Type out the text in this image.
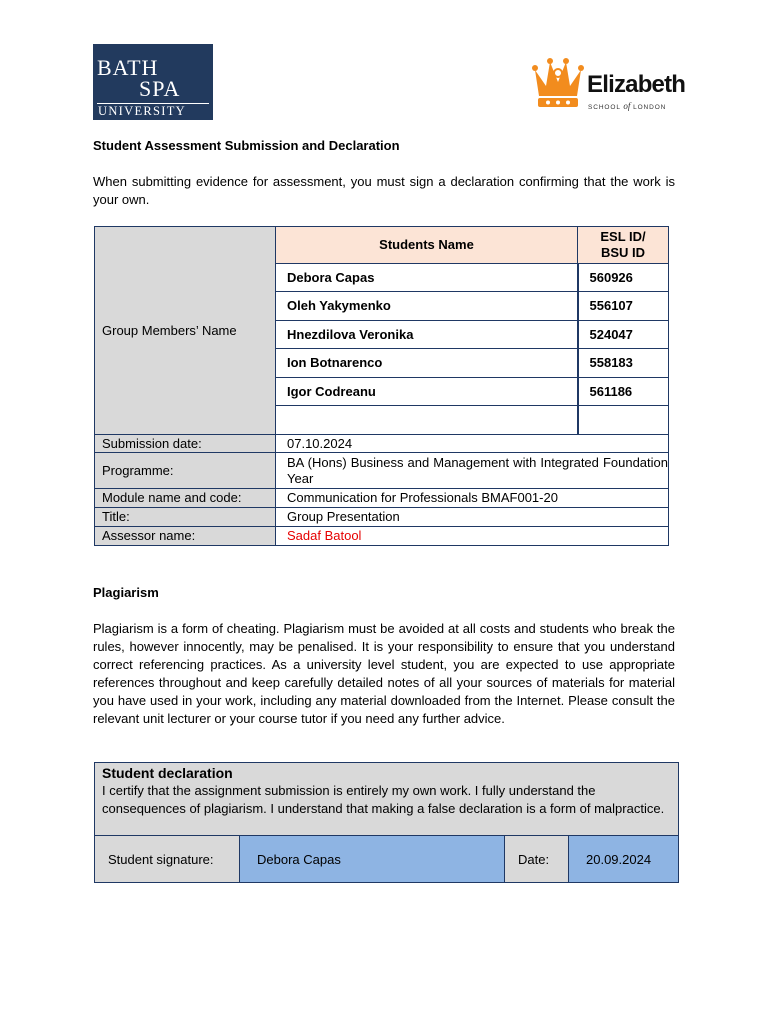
BATH
SPA
UNIVERSITY
Elizabeth
SCHOOL of LONDON
Student Assessment Submission and Declaration
When submitting evidence for assessment, you must sign a declaration confirming that the work is your own.
Group Members’ Name	Students Name	ESL ID/
BSU ID

	Debora Capas	560926
	Oleh Yakymenko	556107
	Hnezdilova Veronika	524047
	Ion Botnarenco	558183
	Igor Codreanu	561186

Submission date:	07.10.2024	
Programme:	BA (Hons) Business and Management with Integrated Foundation Year	
Module name and code:	Communication for Professionals BMAF001-20	
Title:	Group Presentation	
Assessor name:	Sadaf Batool	
Plagiarism
Plagiarism is a form of cheating. Plagiarism must be avoided at all costs and students who break the rules, however innocently, may be penalised. It is your responsibility to ensure that you understand correct referencing practices. As a university level student, you are expected to use appropriate references throughout and keep carefully detailed notes of all your sources of materials for material you have used in your work, including any material downloaded from the Internet. Please consult the relevant unit lecturer or your course tutor if you need any further advice.
Student declaration
I certify that the assignment submission is entirely my own work. I fully understand the consequences of plagiarism. I understand that making a false declaration is a form of malpractice.

Student signature:	Debora Capas	Date:	20.09.2024
